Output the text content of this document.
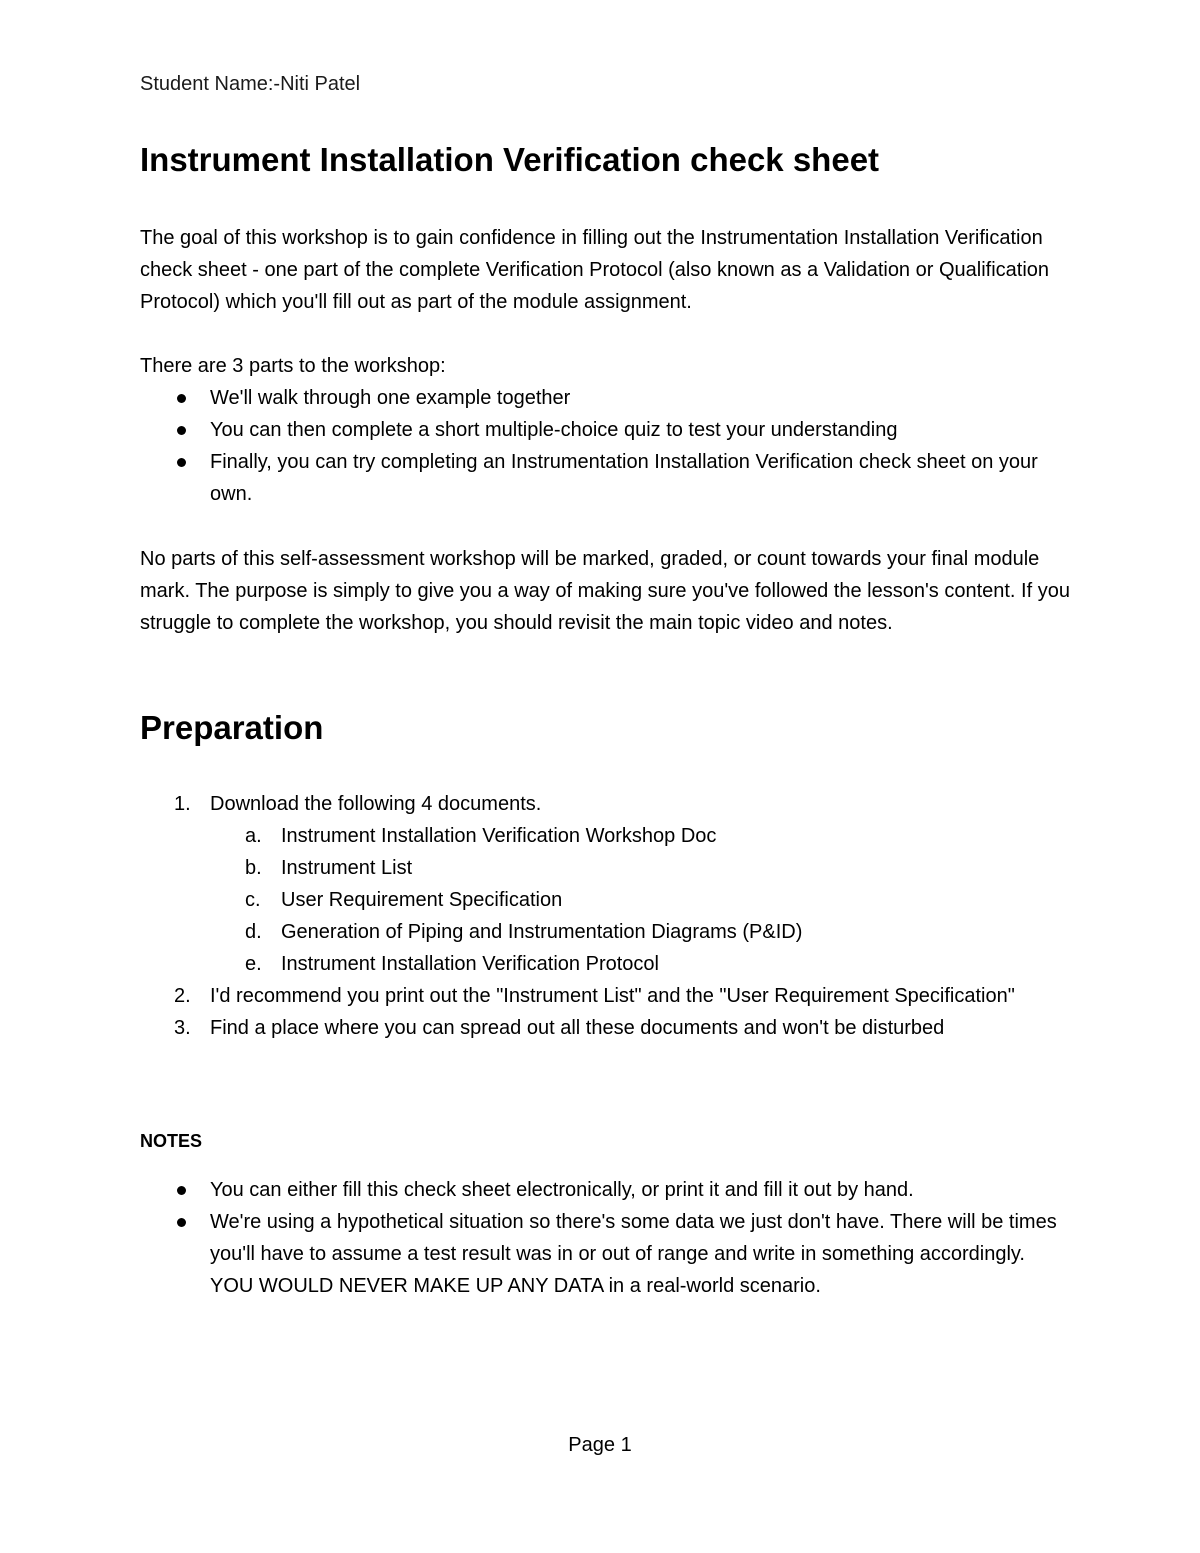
Student Name:-Niti Patel
Instrument Installation Verification check sheet

The goal of this workshop is to gain confidence in filling out the Instrumentation Installation Verification check sheet - one part of the complete Verification Protocol (also known as a Validation or Qualification Protocol) which you'll fill out as part of the module assignment.

There are 3 parts to the workshop:

We'll walk through one example together
You can then complete a short multiple-choice quiz to test your understanding
Finally, you can try completing an Instrumentation Installation Verification check sheet on your own.

No parts of this self-assessment workshop will be marked, graded, or count towards your final module mark. The purpose is simply to give you a way of making sure you've followed the lesson's content. If you struggle to complete the workshop, you should revisit the main topic video and notes.

Preparation
1. Download the following 4 documents.
a. Instrument Installation Verification Workshop Doc
b. Instrument List
c. User Requirement Specification
d. Generation of Piping and Instrumentation Diagrams (P&ID)
e. Instrument Installation Verification Protocol
2. I'd recommend you print out the "Instrument List" and the "User Requirement Specification"
3. Find a place where you can spread out all these documents and won't be disturbed
NOTES
You can either fill this check sheet electronically, or print it and fill it out by hand.
We're using a hypothetical situation so there's some data we just don't have. There will be times you'll have to assume a test result was in or out of range and write in something accordingly. YOU WOULD NEVER MAKE UP ANY DATA in a real-world scenario.
Page 1
